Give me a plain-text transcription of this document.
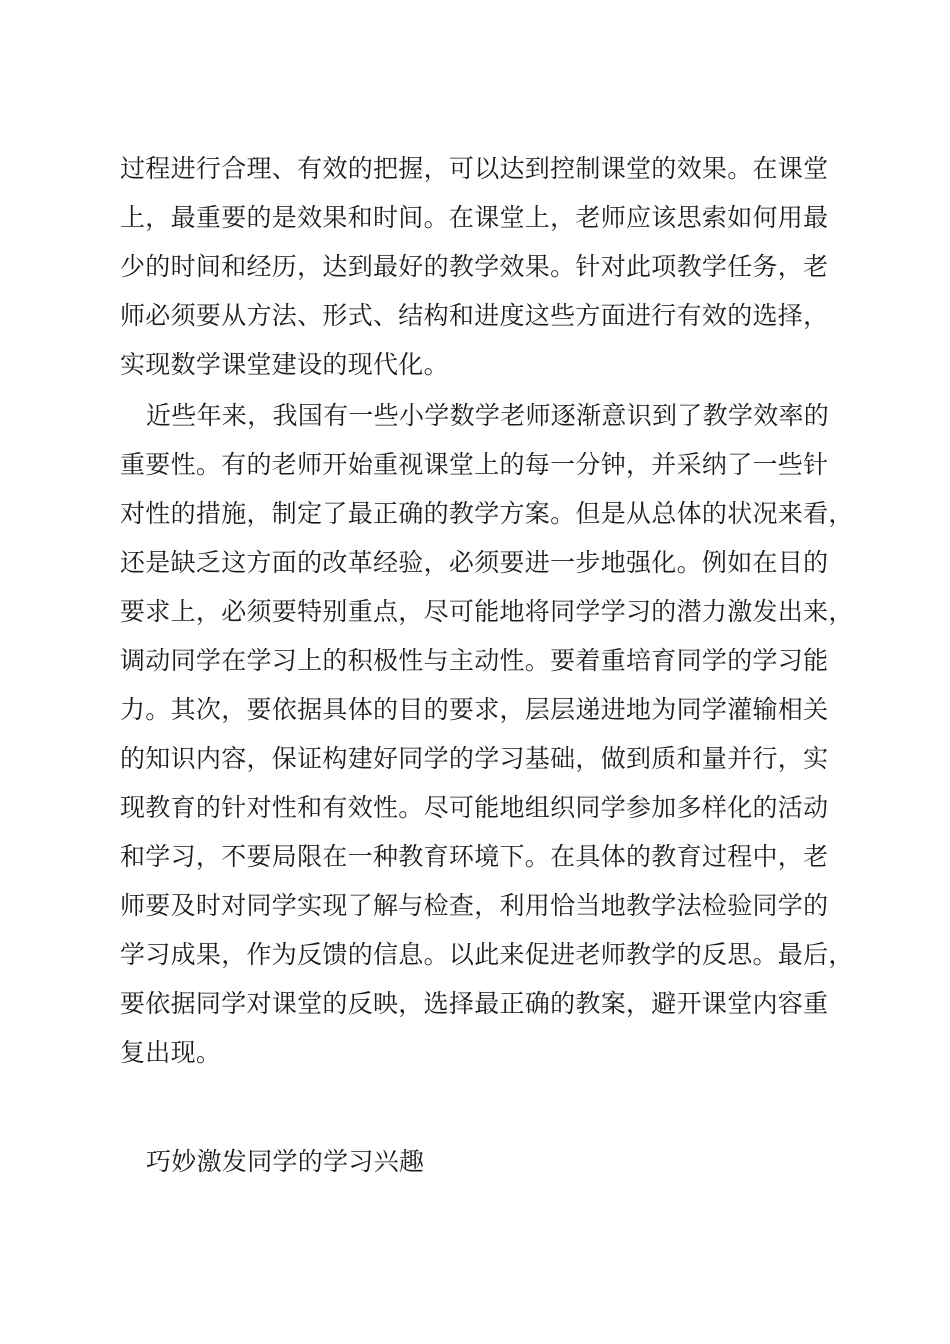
过程进行合理、有效的把握，可以达到控制课堂的效果。在课堂
上，最重要的是效果和时间。在课堂上，老师应该思索如何用最
少的时间和经历，达到最好的教学效果。针对此项教学任务，老
师必须要从方法、形式、结构和进度这些方面进行有效的选择，
实现数学课堂建设的现代化。
近些年来，我国有一些小学数学老师逐渐意识到了教学效率的
重要性。有的老师开始重视课堂上的每一分钟，并采纳了一些针
对性的措施，制定了最正确的教学方案。但是从总体的状况来看，
还是缺乏这方面的改革经验，必须要进一步地强化。例如在目的
要求上，必须要特别重点，尽可能地将同学学习的潜力激发出来，
调动同学在学习上的积极性与主动性。要着重培育同学的学习能
力。其次，要依据具体的目的要求，层层递进地为同学灌输相关
的知识内容，保证构建好同学的学习基础，做到质和量并行，实
现教育的针对性和有效性。尽可能地组织同学参加多样化的活动
和学习，不要局限在一种教育环境下。在具体的教育过程中，老
师要及时对同学实现了解与检查，利用恰当地教学法检验同学的
学习成果，作为反馈的信息。以此来促进老师教学的反思。最后，
要依据同学对课堂的反映，选择最正确的教案，避开课堂内容重
复出现。
巧妙激发同学的学习兴趣
